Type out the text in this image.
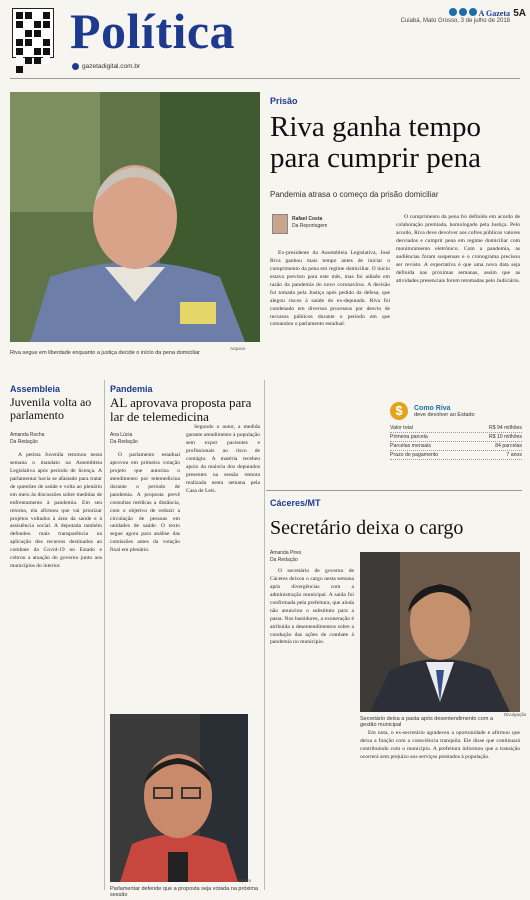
Política
gazetadigital.com.br
A Gazeta
Cuiabá, Mato Grosso, 3 de julho de 2018
5A
Riva segue em liberdade enquanto a justiça decide o início da pena domiciliar
Arquivo
Prisão
Riva ganha tempo
para cumprir pena
Pandemia atrasa o começo da prisão domiciliar
Rafael Costa
Da Reportagem

Ex-presidente da Assembleia Legislativa, José Riva ganhou mais tempo antes de iniciar o cumprimento da pena em regime domiciliar. O início estava previsto para este mês, mas foi adiado em razão da pandemia do novo coronavírus. A decisão foi tomada pela Justiça após pedido da defesa, que alegou riscos à saúde do ex-deputado. Riva foi condenado em diversos processos por desvio de recursos públicos durante o período em que comandou o parlamento estadual.

O cumprimento da pena foi definido em acordo de colaboração premiada, homologado pela Justiça. Pelo acordo, Riva deve devolver aos cofres públicos valores desviados e cumprir pena em regime domiciliar com monitoramento eletrônico. Com a pandemia, as audiências foram suspensas e o cronograma precisou ser revisto. A expectativa é que uma nova data seja definida nas próximas semanas, assim que as atividades presenciais forem retomadas pelo Judiciário.

$	Como Riva
deve devolver ao Estado
Valor total	R$ 94 milhões
Primeira parcela	R$ 10 milhões
Parcelas mensais	84 parcelas
Prazo de pagamento	7 anos
Assembleia
Juvenila volta ao parlamento
Amanda Rocha
Da Redação

A petista Juvenila retomou nesta semana o mandato na Assembleia Legislativa após período de licença. A parlamentar havia se afastado para tratar de questões de saúde e volta ao plenário em meio às discussões sobre medidas de enfrentamento à pandemia. Em seu retorno, ela afirmou que vai priorizar projetos voltados à área da saúde e à assistência social. A deputada também defendeu mais transparência na aplicação dos recursos destinados ao combate da Covid-19 no Estado e cobrou a atuação do governo junto aos municípios do interior.

Pandemia
AL aprovava proposta para lar de telemedicina
Ana Lúcia
Da Redação

O parlamento estadual aprovou em primeira votação projeto que autoriza o atendimento por telemedicina durante o período de pandemia. A proposta prevê consultas médicas a distância, com o objetivo de reduzir a circulação de pessoas em unidades de saúde. O texto segue agora para análise das comissões antes da votação final em plenário.

Segundo o autor, a medida garante atendimento à população sem expor pacientes e profissionais ao risco de contágio. A matéria recebeu apoio da maioria dos deputados presentes na sessão remota realizada nesta semana pela Casa de Leis.

Parlamentar defende que a proposta seja votada na próxima sessão
Arquivo
Cáceres/MT
Secretário deixa o cargo
Amanda Pires
Da Redação

O secretário de governo de Cáceres deixou o cargo nesta semana após divergências com a administração municipal. A saída foi confirmada pela prefeitura, que ainda não anunciou o substituto para a pasta. Nos bastidores, a exoneração é atribuída a desentendimentos sobre a condução das ações de combate à pandemia no município.

Secretário deixa a pasta após desentendimento com a gestão municipal
Divulgação

Em nota, o ex-secretário agradeceu a oportunidade e afirmou que deixa a função com a consciência tranquila. Ele disse que continuará contribuindo com o município. A prefeitura informou que a transição ocorrerá sem prejuízo aos serviços prestados à população.
